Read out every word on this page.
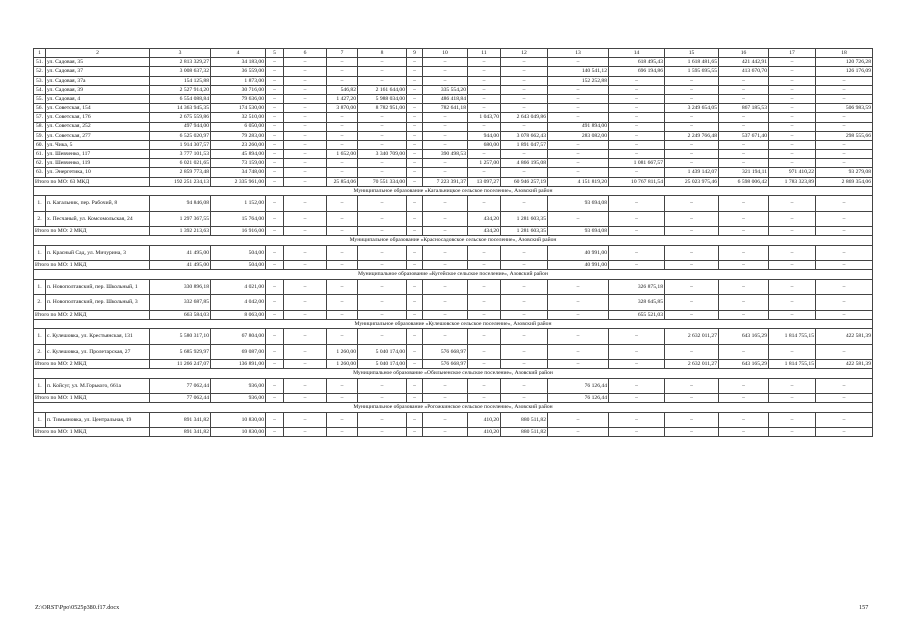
1	2	3	4	5	6	7	8	9	10	11	12	13	14	15	16	17	18
51.	ул. Садовая, 35	2 813 329,27	34 183,00	–	–	–	–	–	–	–	–	–	618 495,43	1 618 481,65	421 442,91	–	120 726,28
52.	ул. Садовая, 37	3 008 637,32	36 559,00	–	–	–	–	–	–	–	–	140 541,12	696 194,86	1 595 695,55	413 670,70	–	126 176,09
53.	ул. Садовая, 37а	154 125,88	1 873,00	–	–	–	–	–	–	–	–	152 252,88	–	–	–	–	–
54.	ул. Садовая, 39	2 527 914,20	30 716,00	–	–	546,82	2 161 644,00	–	335 554,20	–	–	–	–	–	–	–	–
55.	ул. Садовая, 4	6 554 088,84	79 636,00	–	–	1 427,20	5 988 034,00	–	486 418,84	–	–	–	–	–	–	–	–
56.	ул. Советская, 154	14 363 945,35	174 530,00	–	–	3 870,00	8 782 951,00	–	782 641,18	–	–	–	–	3 249 654,05	867 185,53	–	506 983,59
57.	ул. Советская, 176	2 675 559,86	32 510,00	–	–	–	–	–	–	1 043,70	2 643 049,86	–	–	–	–	–	–
58.	ул. Советская, 252	497 944,00	6 050,00	–	–	–	–	–	–	–	–	491 894,00	–	–	–	–	–
59.	ул. Советская, 277	6 525 020,97	79 283,00	–	–	–	–	–	–	944,00	3 078 662,43	283 082,00	–	2 249 766,48	537 671,40	–	298 555,66
60.	ул. Чика, 5	1 914 307,57	23 260,00	–	–	–	–	–	–	680,00	1 891 047,57	–	–	–	–	–	–
61.	ул. Шевченко, 117	3 777 101,53	45 894,00	–	–	1 652,00	3 340 709,00	–	390 498,53	–	–	–	–	–	–	–	–
62.	ул. Шевченко, 119	6 021 021,65	73 159,00	–	–	–	–	–	–	1 257,00	4 866 195,08	–	1 081 667,57	–	–	–	–
63.	ул. Энергетика, 10	2 859 773,48	34 748,00	–	–	–	–	–	–	–	–	–	–	1 439 142,07	321 194,11	971 410,22	93 279,08
Итого по МО: 63 МКД		192 251 234,13	2 335 961,00	–	–	25 854,06	70 551 334,00	–	7 223 391,37	13 097,27	60 946 257,19	4 151 819,20	10 767 811,54	25 023 975,46	6 598 006,42	1 783 323,89	2 869 354,06
Муниципальное образование «Кагальницкое сельское поселение», Азовский район																	
1.	п. Кагальник, пер. Рабочий, 8	94 846,08	1 152,00	–	–	–	–	–	–	–	–	93 694,08	–	–	–	–	–
2.	х. Песчаный, ул. Комсомольская, 24	1 297 367,55	15 764,00	–	–	–	–	–	–	434,20	1 281 603,35	–	–	–	–	–	–
Итого по МО: 2 МКД		1 392 213,63	16 916,00	–	–	–	–	–	–	434,20	1 281 603,35	93 694,08	–	–	–	–	–
Муниципальное образование «Красносадовское сельское поселение», Азовский район																	
1.	п. Красный Сад, ул. Мичурина, 3	41 495,00	504,00	–	–	–	–	–	–	–	–	40 991,00	–	–	–	–	–
Итого по МО: 1 МКД		41 495,00	504,00	–	–	–	–	–	–	–	–	40 991,00	–	–	–	–	–
Муниципальное образование «Кугейское сельское поселение», Азовский район																	
1.	п. Новополтавский, пер. Школьный, 1	330 896,18	4 021,00	–	–	–	–	–	–	–	–	–	326 875,18	–	–	–	–
2.	п. Новополтавский, пер. Школьный, 3	332 687,85	4 042,00	–	–	–	–	–	–	–	–	–	328 645,85	–	–	–	–
Итого по МО: 2 МКД		663 584,03	8 063,00	–	–	–	–	–	–	–	–	–	655 521,03	–	–	–	–
Муниципальное образование «Кулешовское сельское поселение», Азовский район																	
1.	с. Кулешовка, ул. Крестьянская, 131	5 580 317,10	67 804,00	–	–	–	–	–	–	–	–	–	–	2 632 011,27	643 165,29	1 814 755,15	422 581,39
2.	с. Кулешовка, ул. Пролетарская, 27	5 685 929,97	69 087,00	–	–	1 260,00	5 040 174,00	–	576 668,97	–	–	–	–	–	–	–	–
Итого по МО: 2 МКД		11 266 247,07	136 891,00	–	–	1 260,00	5 040 174,00	–	576 668,97	–	–	–	–	2 632 011,27	643 165,29	1 814 755,15	422 581,39
Муниципальное образование «Обильненское сельское поселение», Азовский район																	
1.	п. Койсуг, ул. М.Горького, 661а	77 062,44	936,00	–	–	–	–	–	–	–	–	76 126,44	–	–	–	–	–
Итого по МО: 1 МКД		77 062,44	936,00	–	–	–	–	–	–	–	–	76 126,44	–	–	–	–	–
Муниципальное образование «Рогожкинское сельское поселение», Азовский район																	
1.	п. Тимьяновка, ул. Центральная, 19	891 341,82	10 830,00	–	–	–	–	–	–	410,20	880 511,82	–	–	–	–	–	–
Итого по МО: 1 МКД		891 341,82	10 830,00	–	–	–	–	–	–	410,20	880 511,82	–	–	–	–	–	–
Z:\ORST\Ppo\0525p380.f17.docx	157
